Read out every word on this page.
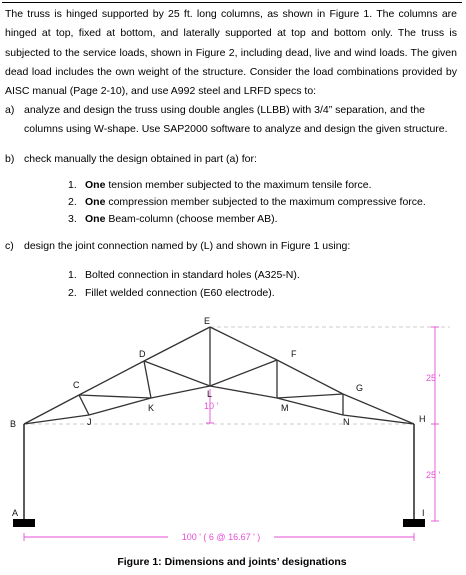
The truss is hinged supported by 25 ft. long columns, as shown in Figure 1. The columns are hinged at top, fixed at bottom, and laterally supported at top and bottom only. The truss is subjected to the service loads, shown in Figure 2, including dead, live and wind loads. The given dead load includes the own weight of the structure. Consider the load combinations provided by AISC manual (Page 2-10), and use A992 steel and LRFD specs to:
a) analyze and design the truss using double angles (LLBB) with 3/4” separation, and the columns using W-shape. Use SAP2000 software to analyze and design the given structure.
b) check manually the design obtained in part (a) for:
1. One tension member subjected to the maximum tensile force.
2. One compression member subjected to the maximum compressive force.
3. One Beam-column (choose member AB).
c) design the joint connection named by (L) and shown in Figure 1 using:
1. Bolted connection in standard holes (A325-N).
2. Fillet welded connection (E60 electrode).
25 '
25 '
10 '
100 ' ( 6 @ 16.67 ' )
A
B
C
D
E
F
G
H
I
J
K
L
M
N
Figure 1: Dimensions and joints’ designations
